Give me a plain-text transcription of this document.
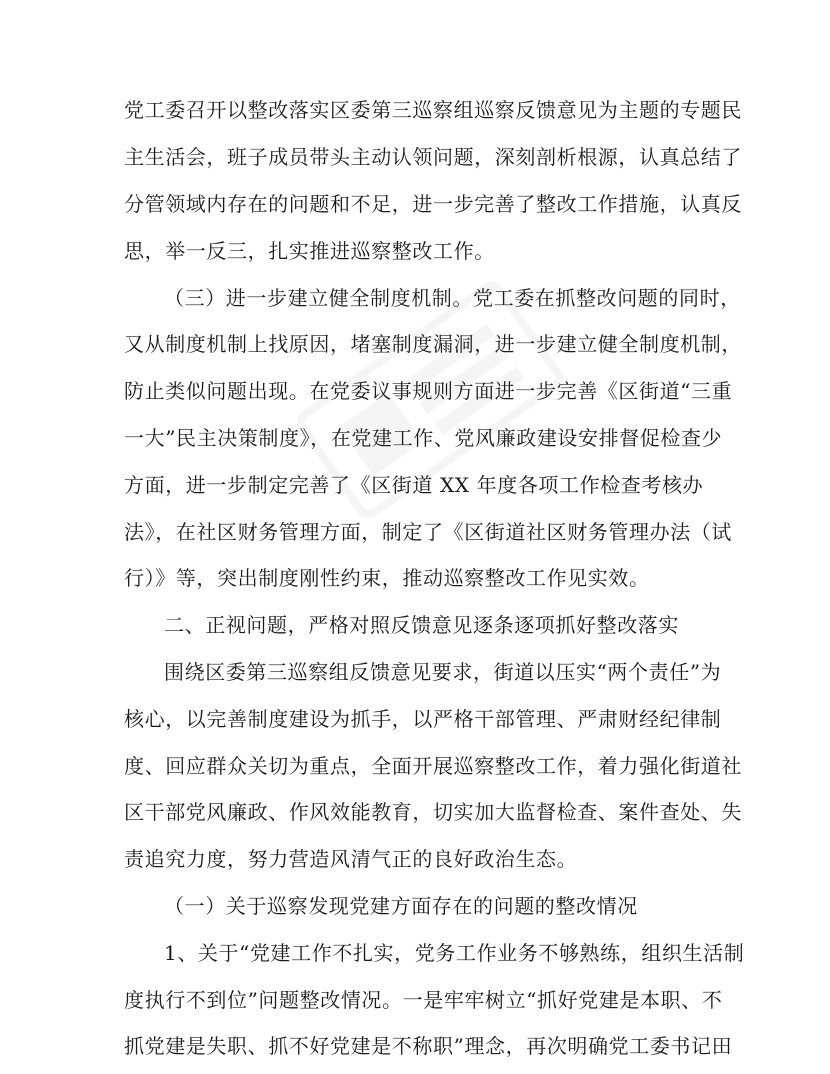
党工委召开以整改落实区委第三巡察组巡察反馈意见为主题的专题民
主生活会，班子成员带头主动认领问题，深刻剖析根源，认真总结了
分管领域内存在的问题和不足，进一步完善了整改工作措施，认真反
思，举一反三，扎实推进巡察整改工作。
（三）进一步建立健全制度机制。党工委在抓整改问题的同时，
又从制度机制上找原因，堵塞制度漏洞，进一步建立健全制度机制，
防止类似问题出现。在党委议事规则方面进一步完善《区街道“三重
一大”民主决策制度》，在党建工作、党风廉政建设安排督促检查少
方面，进一步制定完善了《区街道 XX 年度各项工作检查考核办
法》，在社区财务管理方面，制定了《区街道社区财务管理办法（试
行）》等，突出制度刚性约束，推动巡察整改工作见实效。
二、正视问题，严格对照反馈意见逐条逐项抓好整改落实
围绕区委第三巡察组反馈意见要求，街道以压实“两个责任”为
核心，以完善制度建设为抓手，以严格干部管理、严肃财经纪律制
度、回应群众关切为重点，全面开展巡察整改工作，着力强化街道社
区干部党风廉政、作风效能教育，切实加大监督检查、案件查处、失
责追究力度，努力营造风清气正的良好政治生态。
（一）关于巡察发现党建方面存在的问题的整改情况
1、关于“党建工作不扎实，党务工作业务不够熟练，组织生活制
度执行不到位”问题整改情况。一是牢牢树立“抓好党建是本职、不
抓党建是失职、抓不好党建是不称职”理念，再次明确党工委书记田
